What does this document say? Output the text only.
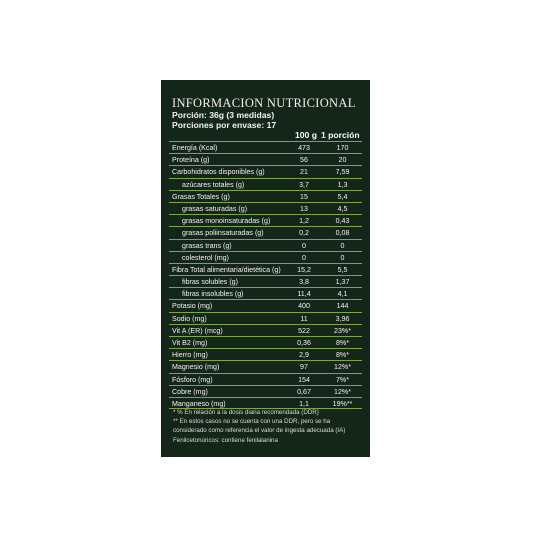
INFORMACION NUTRICIONAL
Porción: 36g (3 medidas)
Porciones por envase: 17
100 g 1 porción
Energía (Kcal)	473	170
Proteína (g)	56	20
Carbohidratos disponibles (g)	21	7,59
azúcares totales (g)	3,7	1,3
Grasas Totales (g)	15	5,4
grasas saturadas (g)	13	4,5
grasas monoinsaturadas (g)	1,2	0,43
grasas poliinsaturadas (g)	0,2	0,08
grasas trans (g)	0	0
colesterol (mg)	0	0
Fibra Total alimentaria/dietética (g)	15,2	5,5
fibras solubles (g)	3,8	1,37
fibras insolubles (g)	11,4	4,1
Potasio (mg)	400	144
Sodio (mg)	11	3,96
Vit A (ER) (mcg)	522	23%*
Vit B2 (mg)	0,36	8%*
Hierro (mg)	2,9	8%*
Magnesio (mg)	97	12%*
Fósforo (mg)	154	7%*
Cobre (mg)	0,67	12%*
Manganeso (mg)	1,1	19%**
* % En relación a la dosis diaria recomendada (DDR)
** En estos casos no se cuenta con una DDR, pero se ha
considerado como referencia el valor de ingesta adecuada (IA)
Fenilcetonúricos: contiene fenilalanina
